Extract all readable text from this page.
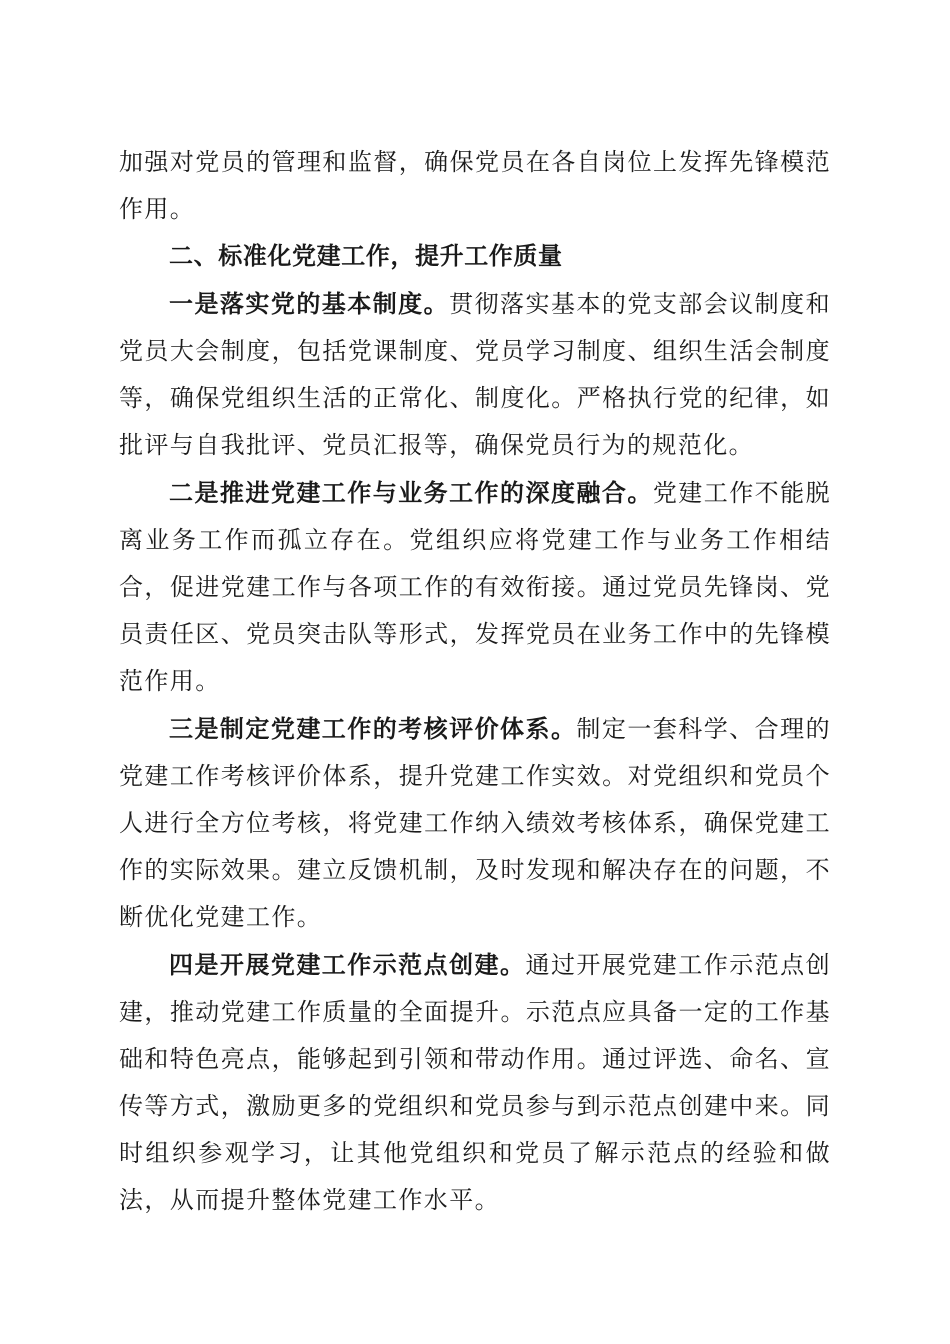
加强对党员的管理和监督，确保党员在各自岗位上发挥先锋模范作用。

二、标准化党建工作，提升工作质量

一是落实党的基本制度。贯彻落实基本的党支部会议制度和党员大会制度，包括党课制度、党员学习制度、组织生活会制度等，确保党组织生活的正常化、制度化。严格执行党的纪律，如批评与自我批评、党员汇报等，确保党员行为的规范化。

二是推进党建工作与业务工作的深度融合。党建工作不能脱离业务工作而孤立存在。党组织应将党建工作与业务工作相结合，促进党建工作与各项工作的有效衔接。通过党员先锋岗、党员责任区、党员突击队等形式，发挥党员在业务工作中的先锋模范作用。

三是制定党建工作的考核评价体系。制定一套科学、合理的党建工作考核评价体系，提升党建工作实效。对党组织和党员个人进行全方位考核，将党建工作纳入绩效考核体系，确保党建工作的实际效果。建立反馈机制，及时发现和解决存在的问题，不断优化党建工作。

四是开展党建工作示范点创建。通过开展党建工作示范点创建，推动党建工作质量的全面提升。示范点应具备一定的工作基础和特色亮点，能够起到引领和带动作用。通过评选、命名、宣传等方式，激励更多的党组织和党员参与到示范点创建中来。同时组织参观学习，让其他党组织和党员了解示范点的经验和做法，从而提升整体党建工作水平。
